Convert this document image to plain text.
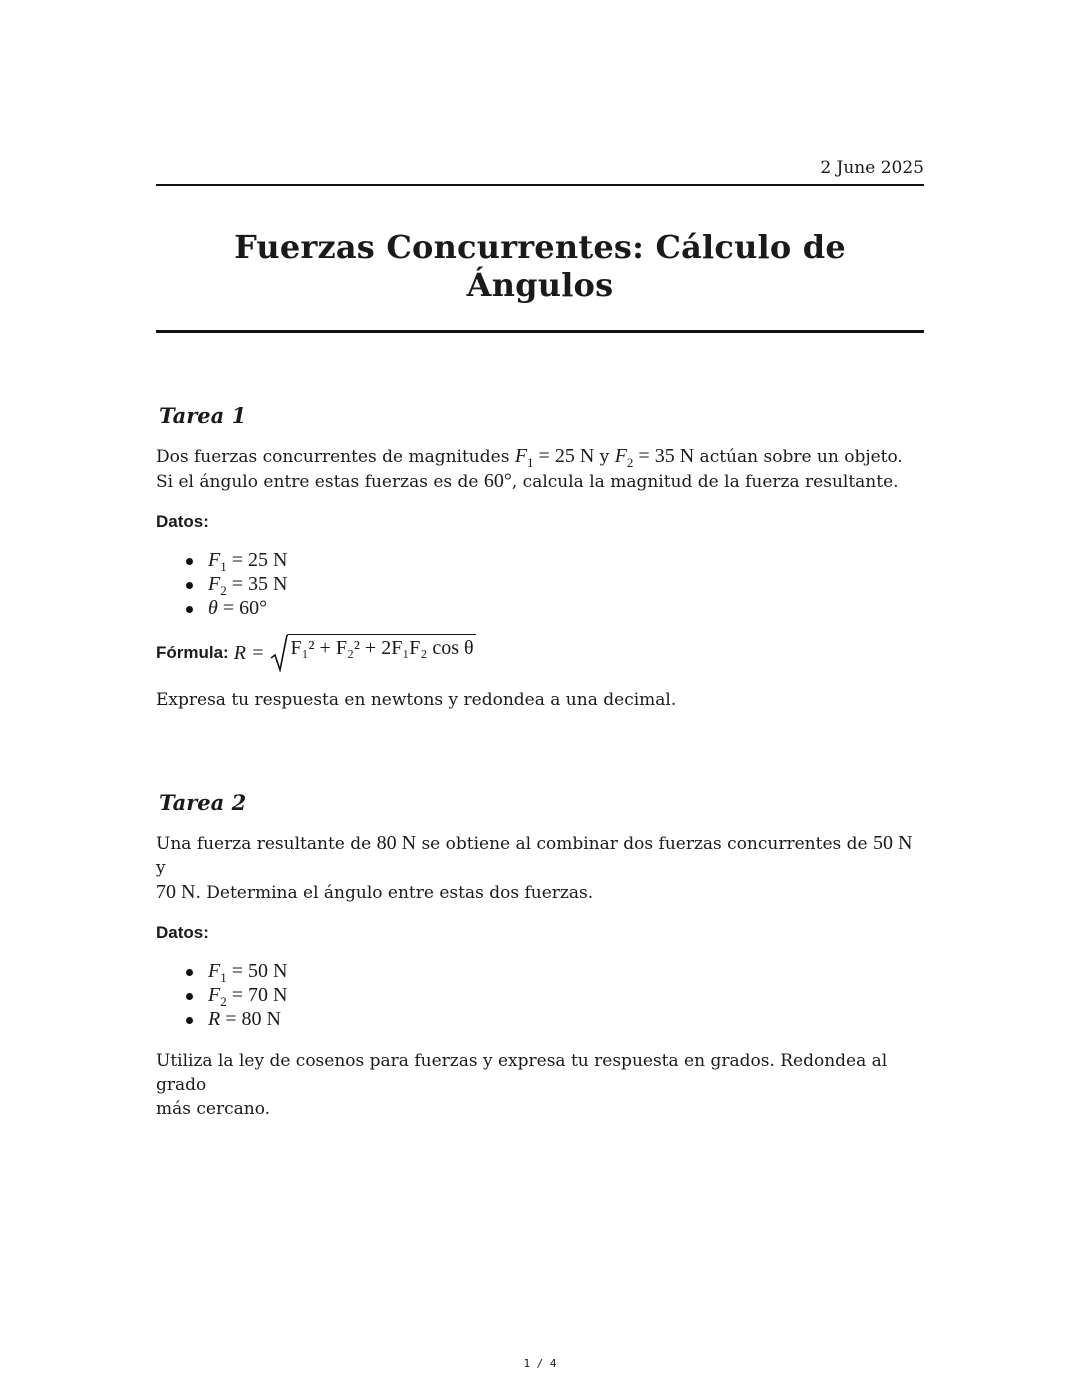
2 June 2025
Fuerzas Concurrentes: Cálculo de Ángulos
Tarea 1

Dos fuerzas concurrentes de magnitudes $F_1 = 25$ N y $F_2 = 35$ N actúan sobre un objeto.
Si el ángulo entre estas fuerzas es de 60°, calcula la magnitud de la fuerza resultante.

Datos:
$F_1 = 25$ N
$F_2 = 35$ N
θ = 60°
Fórmula: R = F₁² + F₂² + 2F₁F₂ cos θ

Expresa tu respuesta en newtons y redondea a una decimal.

Tarea 2

Una fuerza resultante de 80 N se obtiene al combinar dos fuerzas concurrentes de 50 N y
70 N. Determina el ángulo entre estas dos fuerzas.

Datos:
$F_1 = 50$ N
$F_2 = 70$ N
R = 80 N

Utiliza la ley de cosenos para fuerzas y expresa tu respuesta en grados. Redondea al grado
más cercano.

1 / 4
